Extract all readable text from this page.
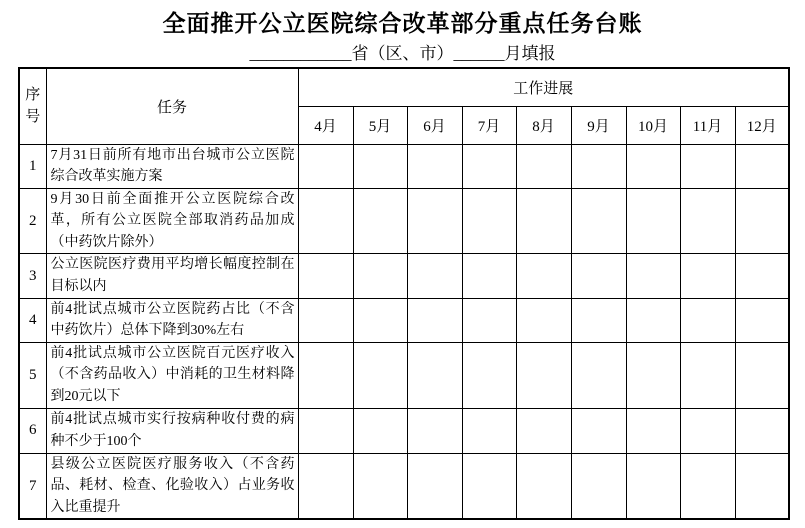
全面推开公立医院综合改革部分重点任务台账
____________省（区、市）______月填报
序号	任务	工作进展								
		4月	5月	6月	7月	8月	9月	10月	11月	12月
1	7月31日前所有地市出台城市公立医院综合改革实施方案									
2	9月30日前全面推开公立医院综合改革，所有公立医院全部取消药品加成（中药饮片除外）									
3	公立医院医疗费用平均增长幅度控制在目标以内									
4	前4批试点城市公立医院药占比（不含中药饮片）总体下降到30%左右									
5	前4批试点城市公立医院百元医疗收入（不含药品收入）中消耗的卫生材料降到20元以下									
6	前4批试点城市实行按病种收付费的病种不少于100个									
7	县级公立医院医疗服务收入（不含药品、耗材、检查、化验收入）占业务收入比重提升									
